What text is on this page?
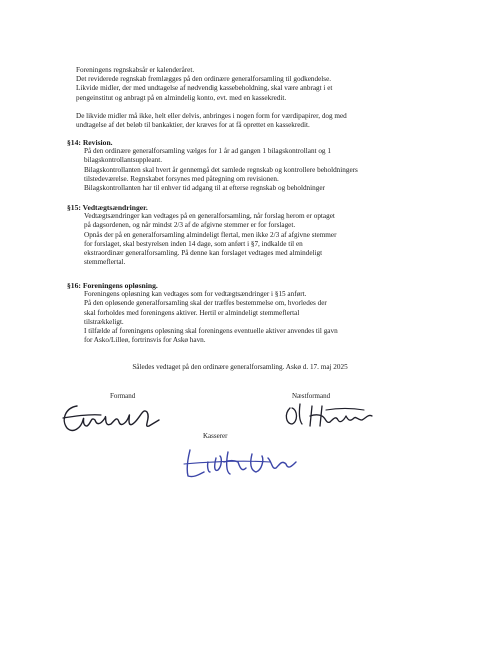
Foreningens regnskabsår er kalenderåret.
Det reviderede regnskab fremlægges på den ordinære generalforsamling til godkendelse.
Likvide midler, der med undtagelse af nødvendig kassebeholdning, skal være anbragt i et
pengeinstitut og anbragt på en almindelig konto, evt. med en kassekredit.
De likvide midler må ikke, helt eller delvis, anbringes i nogen form for værdipapirer, dog med
undtagelse af det beløb til bankaktier, der kræves for at få oprettet en kassekredit.
§14: Revision.
På den ordinære generalforsamling vælges for 1 år ad gangen 1 bilagskontrollant og 1
bilagskontrollantsuppleant.
Bilagskontrollanten skal hvert år gennemgå det samlede regnskab og kontrollere beholdningers
tilstedeværelse. Regnskabet forsynes med påtegning om revisionen.
Bilagskontrollanten har til enhver tid adgang til at efterse regnskab og beholdninger
§15: Vedtægtsændringer.
Vedtægtsændringer kan vedtages på en generalforsamling, når forslag herom er optaget
på dagsordenen, og når mindst 2/3 af de afgivne stemmer er for forslaget.
Opnås der på en generalforsamling almindeligt flertal, men ikke 2/3 af afgivne stemmer
for forslaget, skal bestyrelsen inden 14 dage, som anført i §7, indkalde til en
ekstraordinær generalforsamling. På denne kan forslaget vedtages med almindeligt
stemmeflertal.
§16: Foreningens opløsning.
Foreningens opløsning kan vedtages som for vedtægtsændringer i §15 anført.
På den opløsende generalforsamling skal der træffes bestemmelse om, hvorledes der
skal forholdes med foreningens aktiver. Hertil er almindeligt stemmeflertal
tilstrækkeligt.
I tilfælde af foreningens opløsning skal foreningens eventuelle aktiver anvendes til gavn
for Asko/Lilleø, fortrinsvis for Askø havn.
Således vedtaget på den ordinære generalforsamling. Askø d. 17. maj 2025
Formand	Næstformand
Kasserer
